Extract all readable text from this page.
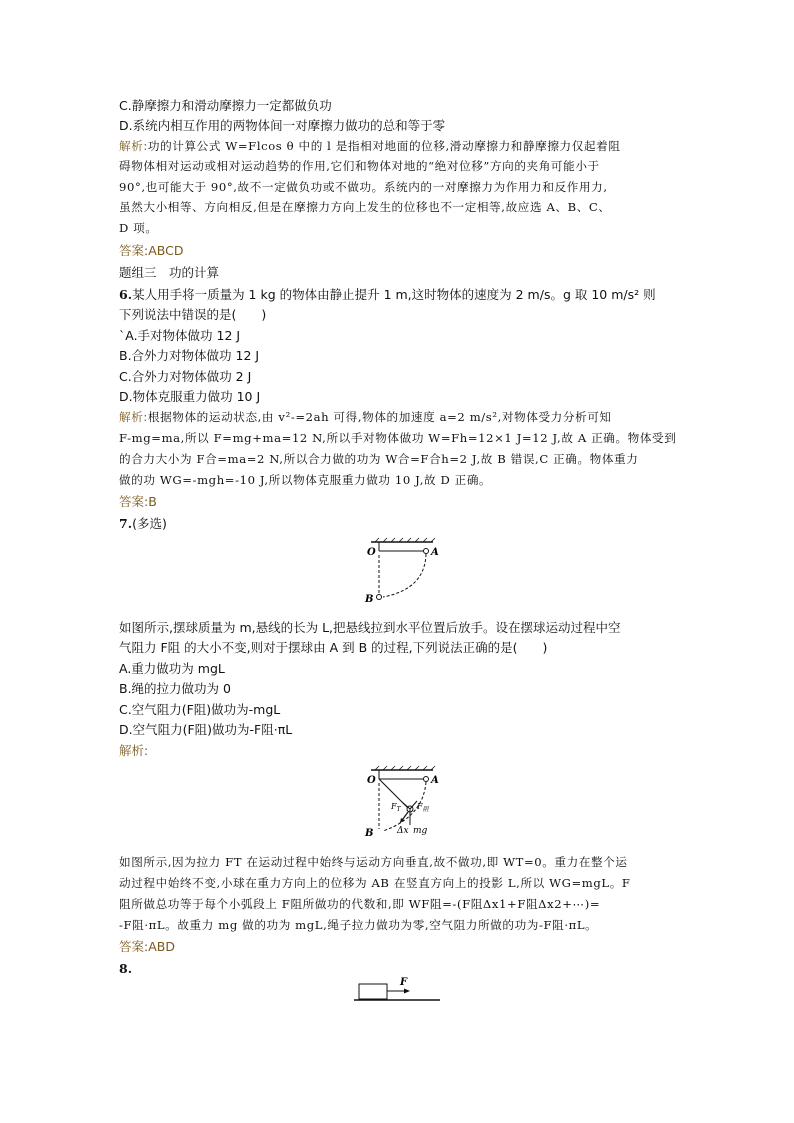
C.静摩擦力和滑动摩擦力一定都做负功
D.系统内相互作用的两物体间一对摩擦力做功的总和等于零
解析:功的计算公式 W=Flcos θ 中的 l 是指相对地面的位移,滑动摩擦力和静摩擦力仅起着阻
碍物体相对运动或相对运动趋势的作用,它们和物体对地的“绝对位移”方向的夹角可能小于
90°,也可能大于 90°,故不一定做负功或不做功。系统内的一对摩擦力为作用力和反作用力,
虽然大小相等、方向相反,但是在摩擦力方向上发生的位移也不一定相等,故应选 A、B、C、
D 项。
答案:ABCD
题组三　功的计算
6.某人用手将一质量为 1 kg 的物体由静止提升 1 m,这时物体的速度为 2 m/s。g 取 10 m/s² 则
下列说法中错误的是(　　)
`A.手对物体做功 12 J
B.合外力对物体做功 12 J
C.合外力对物体做功 2 J
D.物体克服重力做功 10 J
解析:根据物体的运动状态,由 v²-=2ah 可得,物体的加速度 a=2 m/s²,对物体受力分析可知
F-mg=ma,所以 F=mg+ma=12 N,所以手对物体做功 W=Fh=12×1 J=12 J,故 A 正确。物体受到
的合力大小为 F合=ma=2 N,所以合力做的功为 W合=F合h=2 J,故 B 错误,C 正确。物体重力
做的功 WG=-mgh=-10 J,所以物体克服重力做功 10 J,故 D 正确。
答案:B
7.(多选)
O	A
B
如图所示,摆球质量为 m,悬线的长为 L,把悬线拉到水平位置后放手。设在摆球运动过程中空
气阻力 F阻 的大小不变,则对于摆球由 A 到 B 的过程,下列说法正确的是(　　)
A.重力做功为 mgL
B.绳的拉力做功为 0
C.空气阻力(F阻)做功为-mgL
D.空气阻力(F阻)做功为-F阻·πL
解析:
O	A
B
$F_T$ $F_阻$
Δx mg
如图所示,因为拉力 FT 在运动过程中始终与运动方向垂直,故不做功,即 WT=0。重力在整个运
动过程中始终不变,小球在重力方向上的位移为 AB 在竖直方向上的投影 L,所以 WG=mgL。F
阻所做总功等于每个小弧段上 F阻所做功的代数和,即 WF阻=-(F阻Δx1+F阻Δx2+⋯)=
-F阻·πL。故重力 mg 做的功为 mgL,绳子拉力做功为零,空气阻力所做的功为-F阻·πL。
答案:ABD
8.
F
